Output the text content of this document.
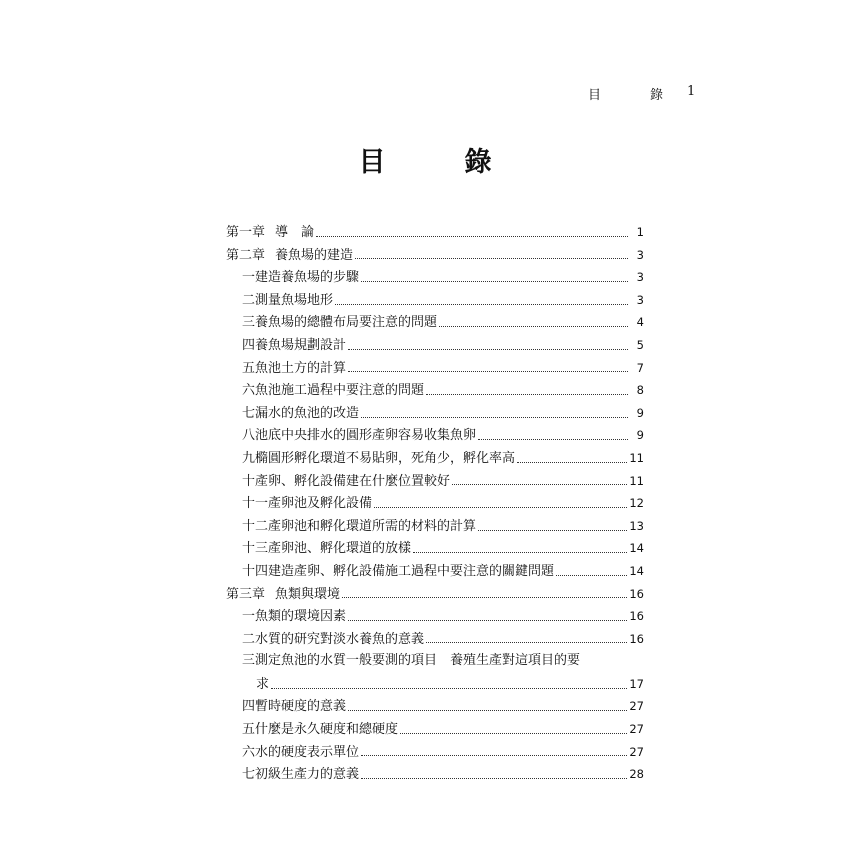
目　錄 1
目　錄
第一章 導　論	1
第二章 養魚場的建造	3
一 建造養魚場的步驟	3
二 測量魚場地形	3
三 養魚場的總體布局要注意的問題	4
四 養魚場規劃設計	5
五 魚池土方的計算	7
六 魚池施工過程中要注意的問題	8
七 漏水的魚池的改造	9
八 池底中央排水的圓形產卵容易收集魚卵	9
九 橢圓形孵化環道不易貼卵，死角少，孵化率高	11
十 產卵、孵化設備建在什麼位置較好	11
十一 產卵池及孵化設備	12
十二 產卵池和孵化環道所需的材料的計算	13
十三 產卵池、孵化環道的放樣	14
十四 建造產卵、孵化設備施工過程中要注意的關鍵問題	14
第三章 魚類與環境	16
一 魚類的環境因素	16
二 水質的研究對淡水養魚的意義	16
三 測定魚池的水質一般要測的項目　養殖生產對這項目的要
求	17
四 暫時硬度的意義	27
五 什麼是永久硬度和總硬度	27
六 水的硬度表示單位	27
七 初級生產力的意義	28
